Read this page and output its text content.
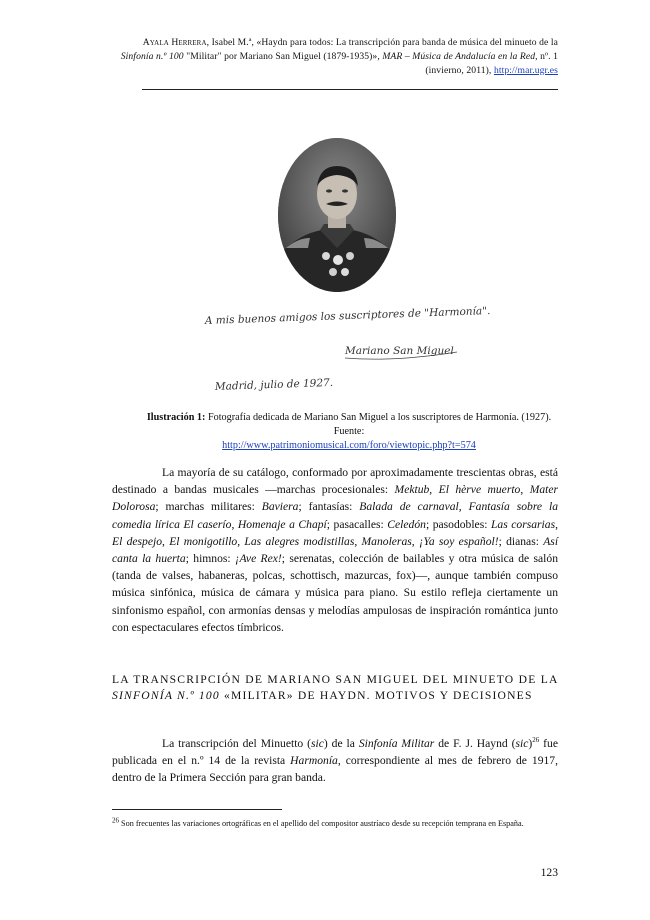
Ayala Herrera, Isabel M.ª, «Haydn para todos: La transcripción para banda de música del minueto de la Sinfonía n.º 100 "Militar" por Mariano San Miguel (1879-1935)», MAR – Música de Andalucía en la Red, nº. 1 (invierno, 2011), http://mar.ugr.es
A mis buenos amigos los suscriptores de "Harmonía".
Mariano San Miguel
Madrid, julio de 1927.
Ilustración 1: Fotografía dedicada de Mariano San Miguel a los suscriptores de Harmonía. (1927). Fuente:
http://www.patrimoniomusical.com/foro/viewtopic.php?t=574
La mayoría de su catálogo, conformado por aproximadamente trescientas obras, está destinado a bandas musicales —marchas procesionales: Mektub, El hèrve muerto, Mater Dolorosa; marchas militares: Baviera; fantasías: Balada de carnaval, Fantasía sobre la comedia lírica El caserío, Homenaje a Chapí; pasacalles: Celedón; pasodobles: Las corsarias, El despejo, El monigotillo, Las alegres modistillas, Manoleras, ¡Ya soy español!; dianas: Así canta la huerta; himnos: ¡Ave Rex!; serenatas, colección de bailables y otra música de salón (tanda de valses, habaneras, polcas, schottisch, mazurcas, fox)—, aunque también compuso música sinfónica, música de cámara y música para piano. Su estilo refleja ciertamente un sinfonismo español, con armonías densas y melodías ampulosas de inspiración romántica junto con espectaculares efectos tímbricos.
LA TRANSCRIPCIÓN DE MARIANO SAN MIGUEL DEL MINUETO DE LA SINFONÍA N.º 100 «MILITAR» DE HAYDN. MOTIVOS Y DECISIONES
La transcripción del Minuetto (sic) de la Sinfonía Militar de F. J. Haynd (sic)$^{26}$ fue publicada en el n.º 14 de la revista Harmonía, correspondiente al mes de febrero de 1917, dentro de la Primera Sección para gran banda.
$^{26}$ Son frecuentes las variaciones ortográficas en el apellido del compositor austríaco desde su recepción temprana en España.
123
